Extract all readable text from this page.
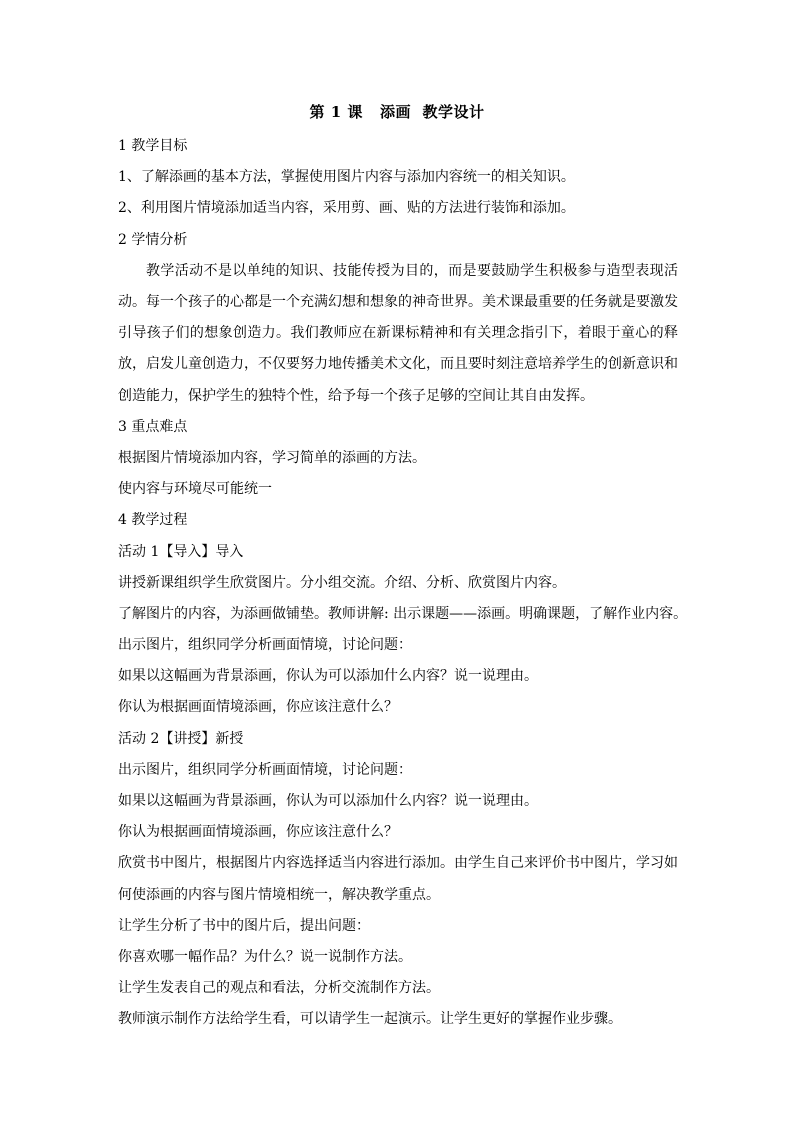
第 1 课   添画  教学设计
1 教学目标
1、了解添画的基本方法，掌握使用图片内容与添加内容统一的相关知识。
2、利用图片情境添加适当内容，采用剪、画、贴的方法进行装饰和添加。
2 学情分析
教学活动不是以单纯的知识、技能传授为目的，而是要鼓励学生积极参与造型表现活动。每一个孩子的心都是一个充满幻想和想象的神奇世界。美术课最重要的任务就是要激发引导孩子们的想象创造力。我们教师应在新课标精神和有关理念指引下，着眼于童心的释放，启发儿童创造力，不仅要努力地传播美术文化，而且要时刻注意培养学生的创新意识和创造能力，保护学生的独特个性，给予每一个孩子足够的空间让其自由发挥。
3 重点难点
根据图片情境添加内容，学习简单的添画的方法。
使内容与环境尽可能统一
4 教学过程
活动 1【导入】导入
讲授新课组织学生欣赏图片。分小组交流。介绍、分析、欣赏图片内容。
了解图片的内容，为添画做铺垫。教师讲解: 出示课题——添画。明确课题，了解作业内容。
出示图片，组织同学分析画面情境，讨论问题：
如果以这幅画为背景添画，你认为可以添加什么内容？说一说理由。
你认为根据画面情境添画，你应该注意什么？
活动 2【讲授】新授
出示图片，组织同学分析画面情境，讨论问题：
如果以这幅画为背景添画，你认为可以添加什么内容？说一说理由。
你认为根据画面情境添画，你应该注意什么？
欣赏书中图片，根据图片内容选择适当内容进行添加。由学生自己来评价书中图片，学习如
何使添画的内容与图片情境相统一，解决教学重点。
让学生分析了书中的图片后，提出问题：
你喜欢哪一幅作品？为什么？说一说制作方法。
让学生发表自己的观点和看法，分析交流制作方法。
教师演示制作方法给学生看，可以请学生一起演示。让学生更好的掌握作业步骤。
